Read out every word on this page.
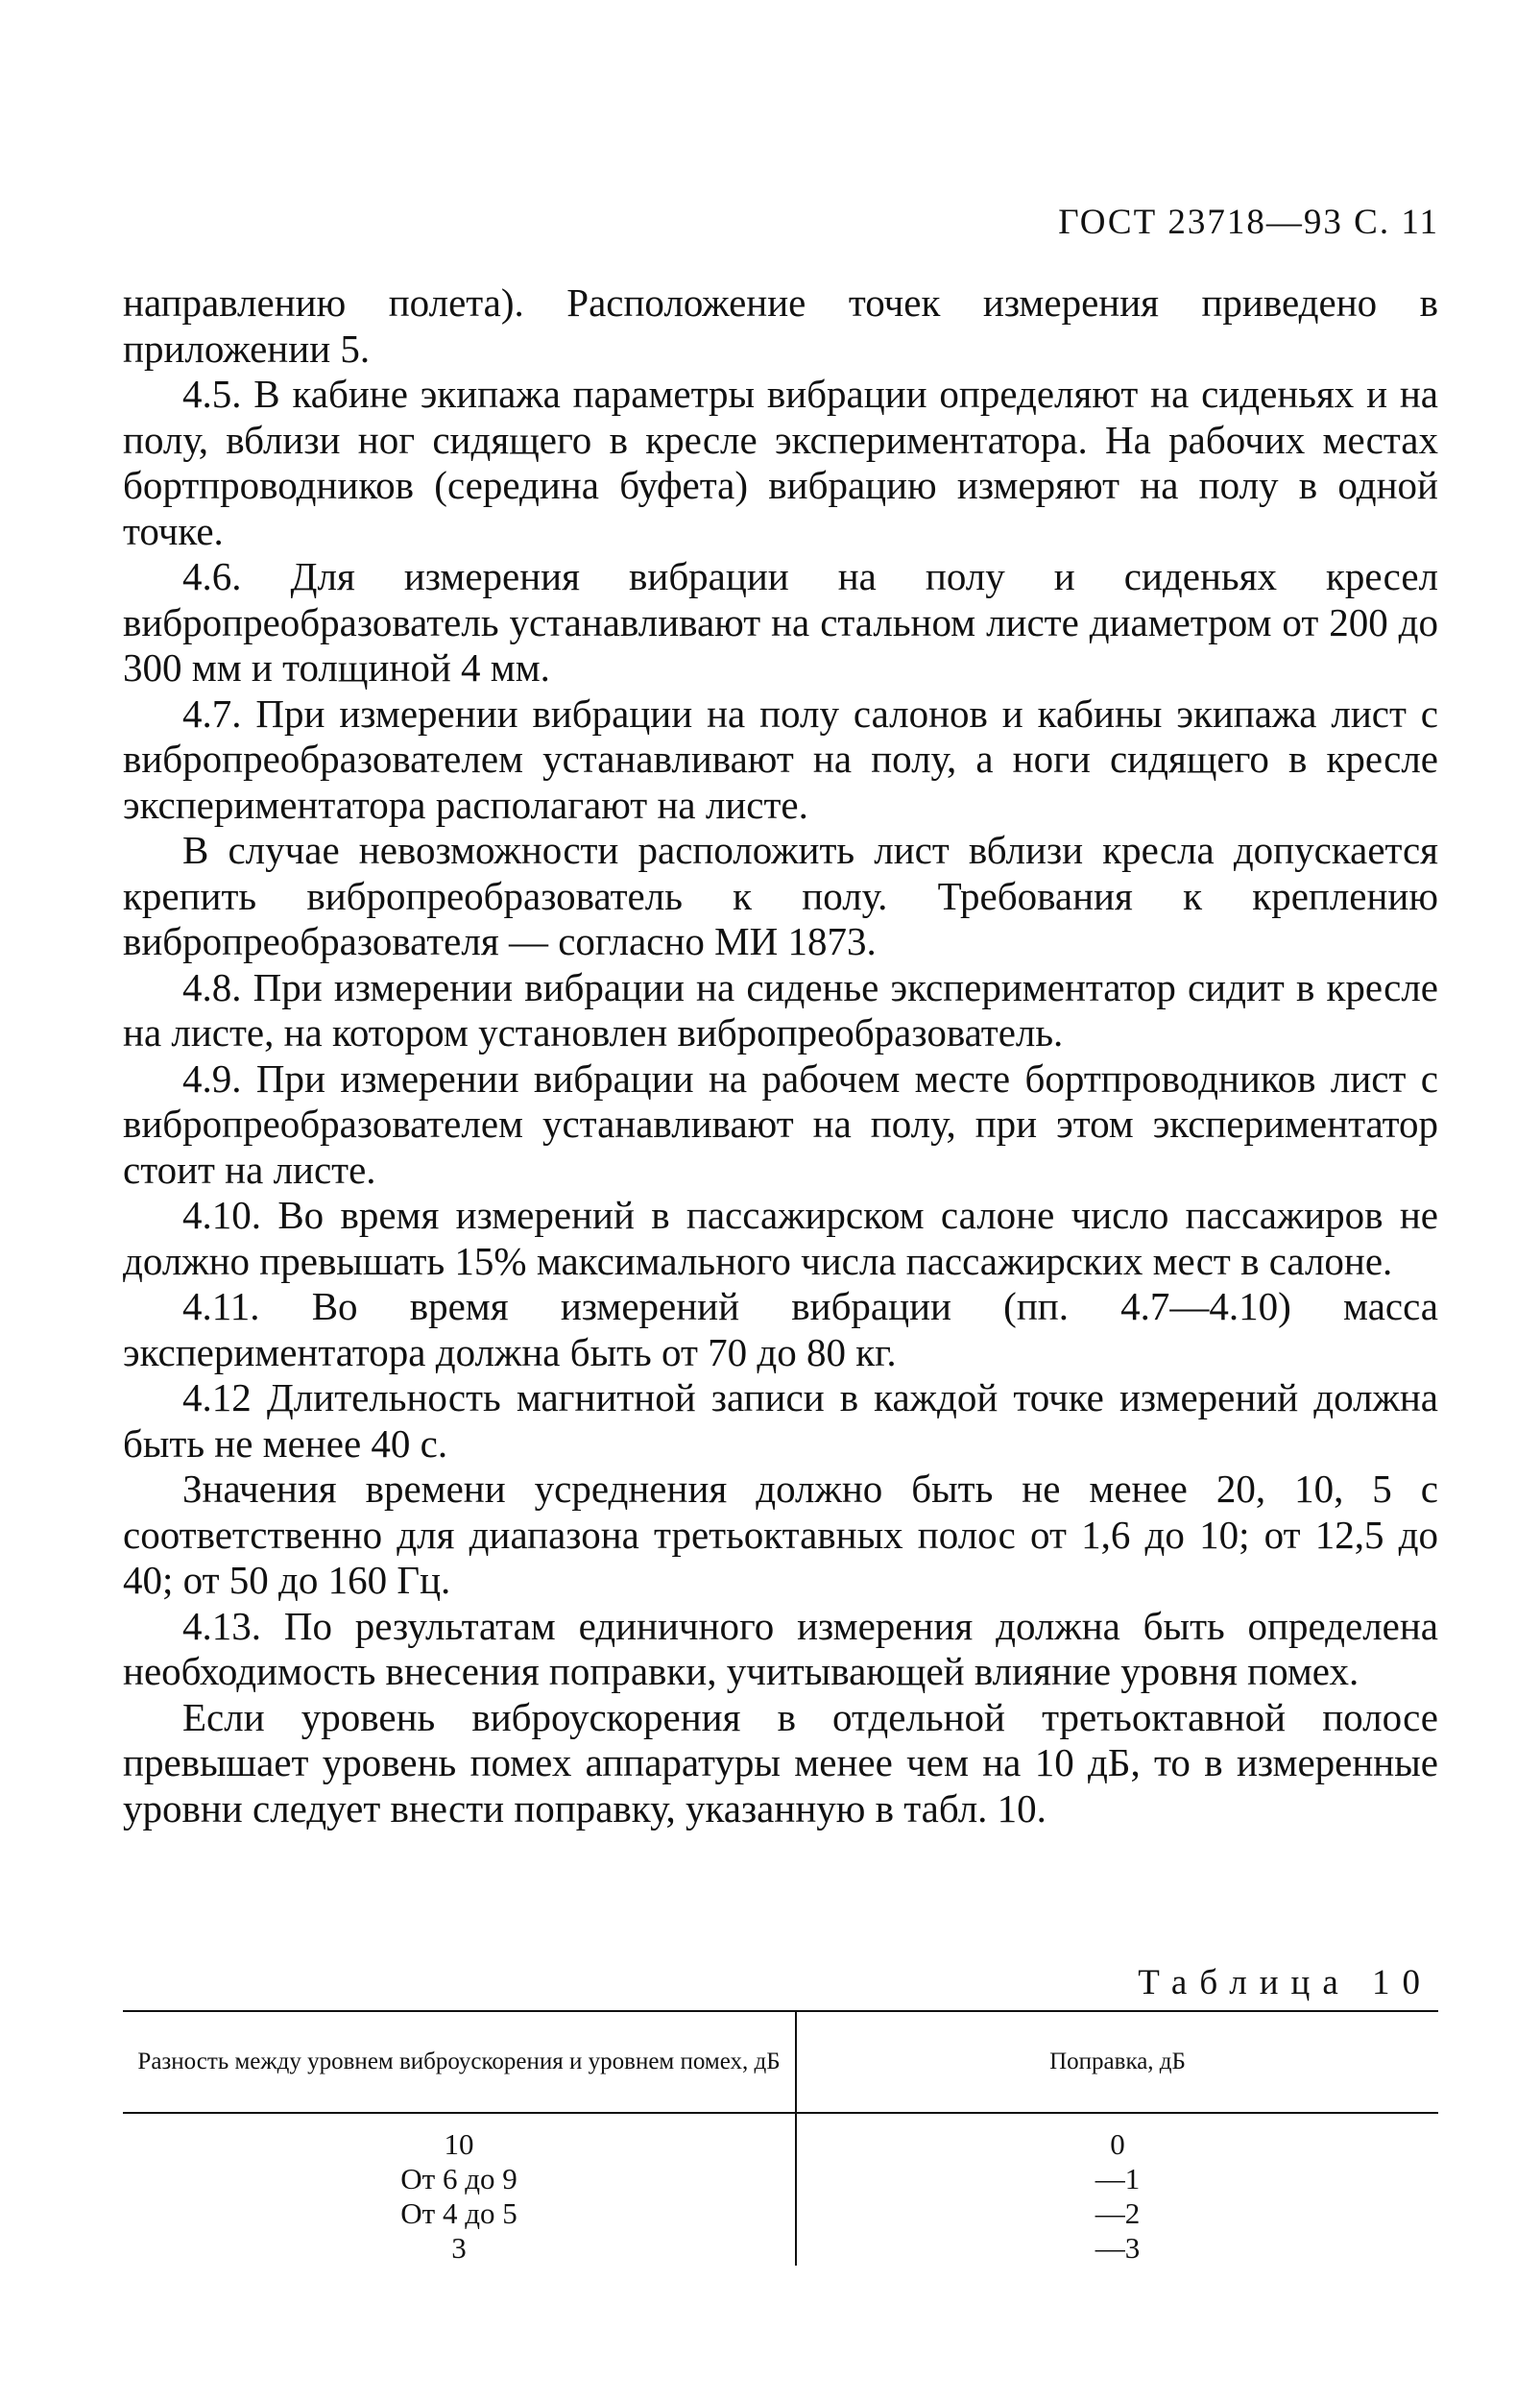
ГОСТ 23718—93 С. 11

направлению полета). Расположение точек измерения приведено в приложении 5.

4.5. В кабине экипажа параметры вибрации определяют на сиденьях и на полу, вблизи ног сидящего в кресле экспериментатора. На рабочих местах бортпроводников (середина буфета) вибрацию измеряют на полу в одной точке.

4.6. Для измерения вибрации на полу и сиденьях кресел вибропреобразователь устанавливают на стальном листе диаметром от 200 до 300 мм и толщиной 4 мм.

4.7. При измерении вибрации на полу салонов и кабины экипажа лист с вибропреобразователем устанавливают на полу, а ноги сидящего в кресле экспериментатора располагают на листе.

В случае невозможности расположить лист вблизи кресла допускается крепить вибропреобразователь к полу. Требования к креплению вибропреобразователя — согласно МИ 1873.

4.8. При измерении вибрации на сиденье экспериментатор сидит в кресле на листе, на котором установлен вибропреобразователь.

4.9. При измерении вибрации на рабочем месте бортпроводников лист с вибропреобразователем устанавливают на полу, при этом экспериментатор стоит на листе.

4.10. Во время измерений в пассажирском салоне число пассажиров не должно превышать 15% максимального числа пассажирских мест в салоне.

4.11. Во время измерений вибрации (пп. 4.7—4.10) масса экспериментатора должна быть от 70 до 80 кг.

4.12 Длительность магнитной записи в каждой точке измерений должна быть не менее 40 с.

Значения времени усреднения должно быть не менее 20, 10, 5 с соответственно для диапазона третьоктавных полос от 1,6 до 10; от 12,5 до 40; от 50 до 160 Гц.

4.13. По результатам единичного измерения должна быть определена необходимость внесения поправки, учитывающей влияние уровня помех.

Если уровень виброускорения в отдельной третьоктавной полосе превышает уровень помех аппаратуры менее чем на 10 дБ, то в измеренные уровни следует внести поправку, указанную в табл. 10.

Таблица 10
Разность между уровнем виброускорения и уровнем помех, дБ	Поправка, дБ
10	0
От 6 до 9	—1
От 4 до 5	—2
3	—3
